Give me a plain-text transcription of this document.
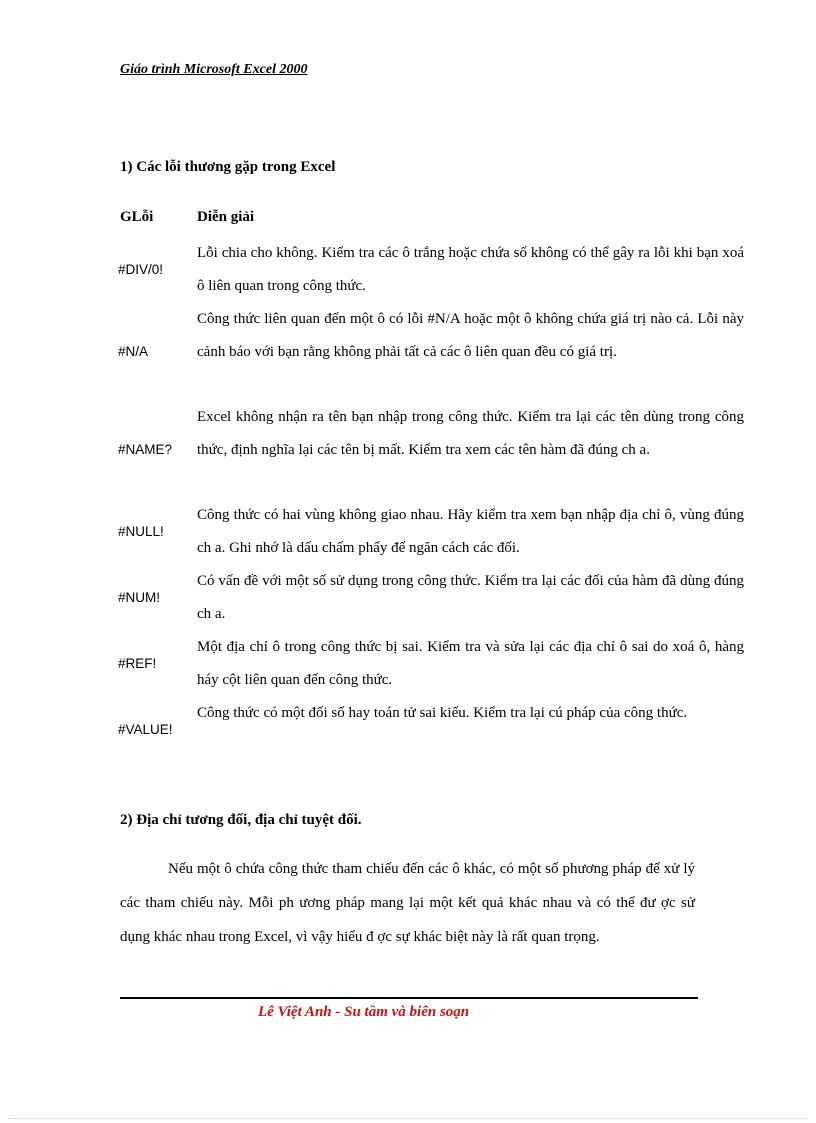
Giáo trình Microsoft Excel 2000
1) Các lỗi thương gặp trong Excel
GLỗi	Diễn giải
#DIV/0!
Lỗi chia cho không. Kiểm tra các ô trắng hoặc chứa số không có thể gây ra lỗi khi bạn xoá ô liên quan trong công thức.
#N/A
Công thức liên quan đến một ô có lỗi #N/A hoặc một ô không chứa giá trị nào cả. Lỗi này cảnh báo với bạn rằng không phải tất cả các ô liên quan đều có giá trị.
#NAME?
Excel không nhận ra tên bạn nhập trong công thức. Kiểm tra lại các tên dùng trong công thức, định nghĩa lại các tên bị mất. Kiểm tra xem các tên hàm đã đúng ch a.
#NULL!
Công thức có hai vùng không giao nhau. Hãy kiểm tra xem bạn nhập địa chỉ ô, vùng đúng ch a. Ghi nhớ là dấu chấm phẩy để ngăn cách các đối.
#NUM!
Có vấn đề với một số sử dụng trong công thức. Kiểm tra lại các đối của hàm đã dùng đúng ch a.
#REF!
Một địa chỉ ô trong công thức bị sai. Kiểm tra và sửa lại các địa chỉ ô sai do xoá ô, hàng háy cột liên quan đến công thức.
#VALUE!
Công thức có một đối số hay toán tử sai kiểu. Kiểm tra lại cú pháp của công thức.
2) Địa chỉ tương đối, địa chỉ tuyệt đối.
Nếu một ô chứa công thức tham chiếu đến các ô khác, có một số phương pháp để xử lý các tham chiếu này. Mỗi ph ương pháp mang lại một kết quả khác nhau và có thể đư ợc sử dụng khác nhau trong Excel, vì vậy hiểu đ ợc sự khác biệt này là rất quan trọng.
Lê Việt Anh - Su tầm và biên soạn
